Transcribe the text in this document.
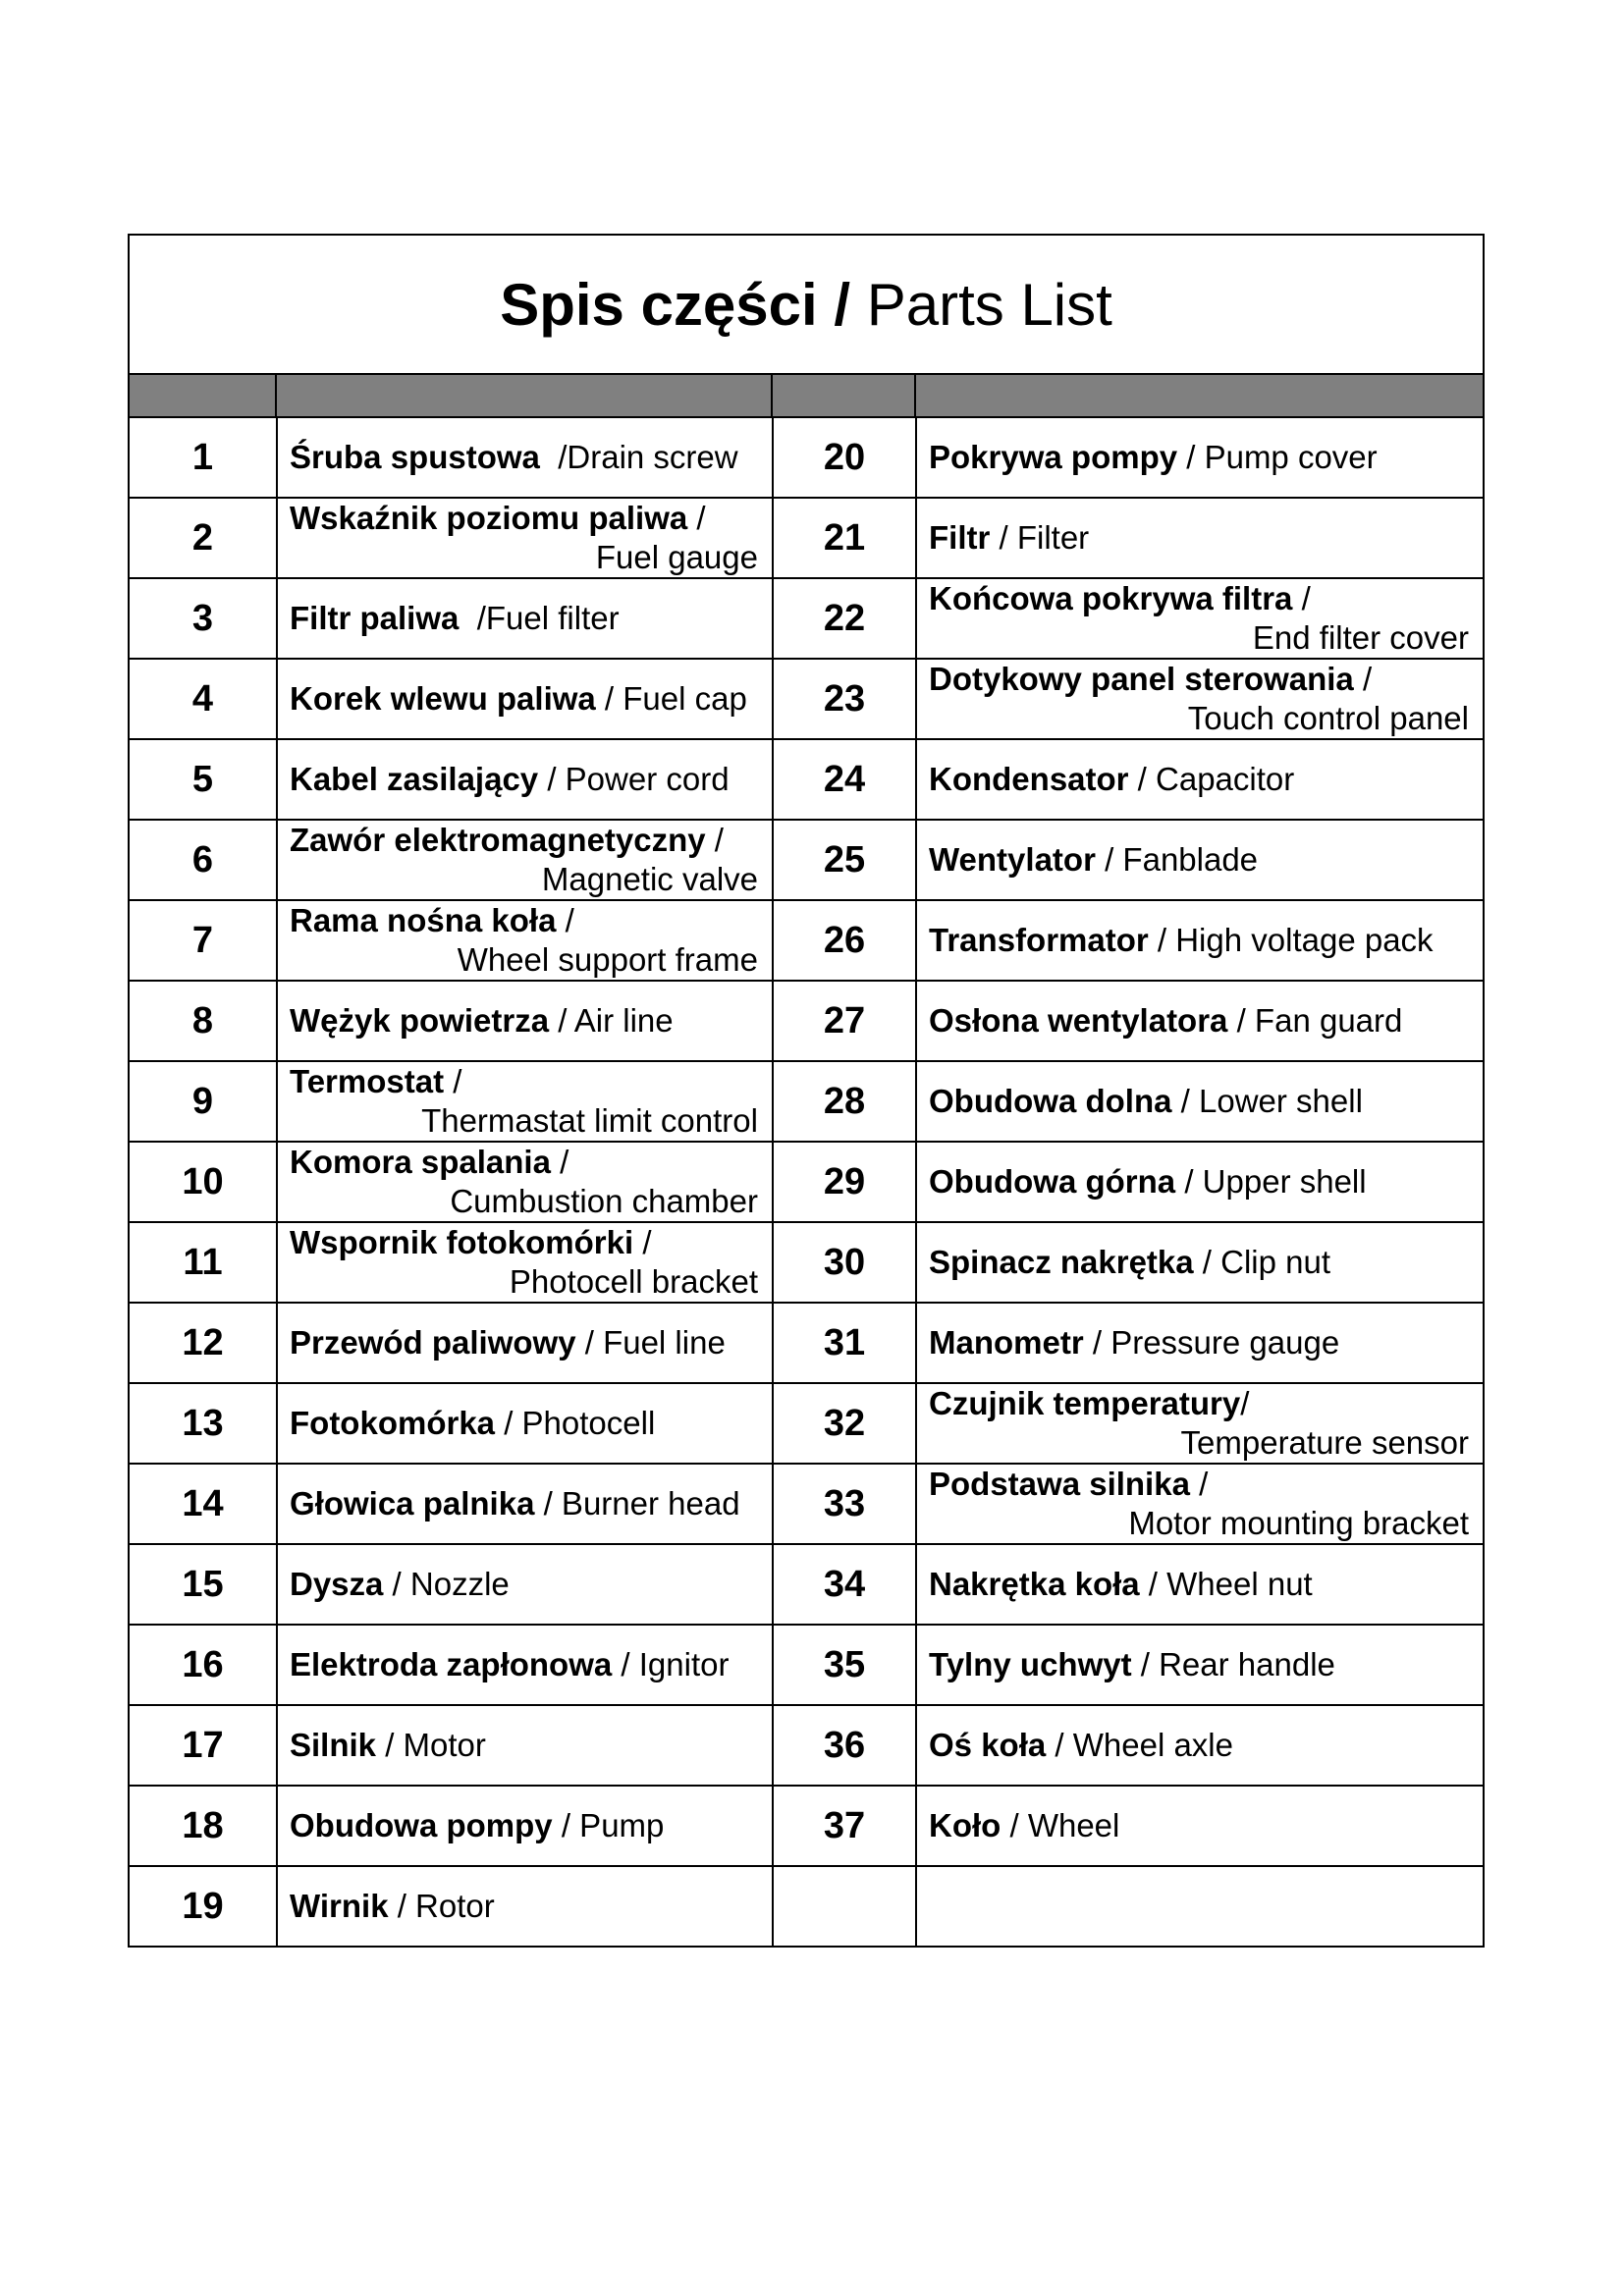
Spis części / Parts List
1	Śruba spustowa  /Drain screw	20	Pokrywa pompy / Pump cover
2	Wskaźnik poziomu paliwa /
Fuel gauge	21	Filtr / Filter
3	Filtr paliwa  /Fuel filter	22	Końcowa pokrywa filtra /
End filter cover

4	Korek wlewu paliwa / Fuel cap	23	Dotykowy panel sterowania /
Touch control panel

5	Kabel zasilający / Power cord	24	Kondensator / Capacitor
6	Zawór elektromagnetyczny /
Magnetic valve	25	Wentylator / Fanblade
7	Rama nośna koła /
Wheel support frame	26	Transformator / High voltage pack
8	Wężyk powietrza / Air line	27	Osłona wentylatora / Fan guard
9	Termostat /
Thermastat limit control	28	Obudowa dolna / Lower shell
10	Komora spalania /
Cumbustion chamber	29	Obudowa górna / Upper shell
11	Wspornik fotokomórki /
Photocell bracket	30	Spinacz nakrętka / Clip nut
12	Przewód paliwowy / Fuel line	31	Manometr / Pressure gauge
13	Fotokomórka / Photocell	32	Czujnik temperatury/
Temperature sensor

14	Głowica palnika / Burner head	33	Podstawa silnika /
Motor mounting bracket

15	Dysza / Nozzle	34	Nakrętka koła / Wheel nut
16	Elektroda zapłonowa / Ignitor	35	Tylny uchwyt / Rear handle
17	Silnik / Motor	36	Oś koła / Wheel axle
18	Obudowa pompy / Pump	37	Koło / Wheel
19	Wirnik / Rotor		
